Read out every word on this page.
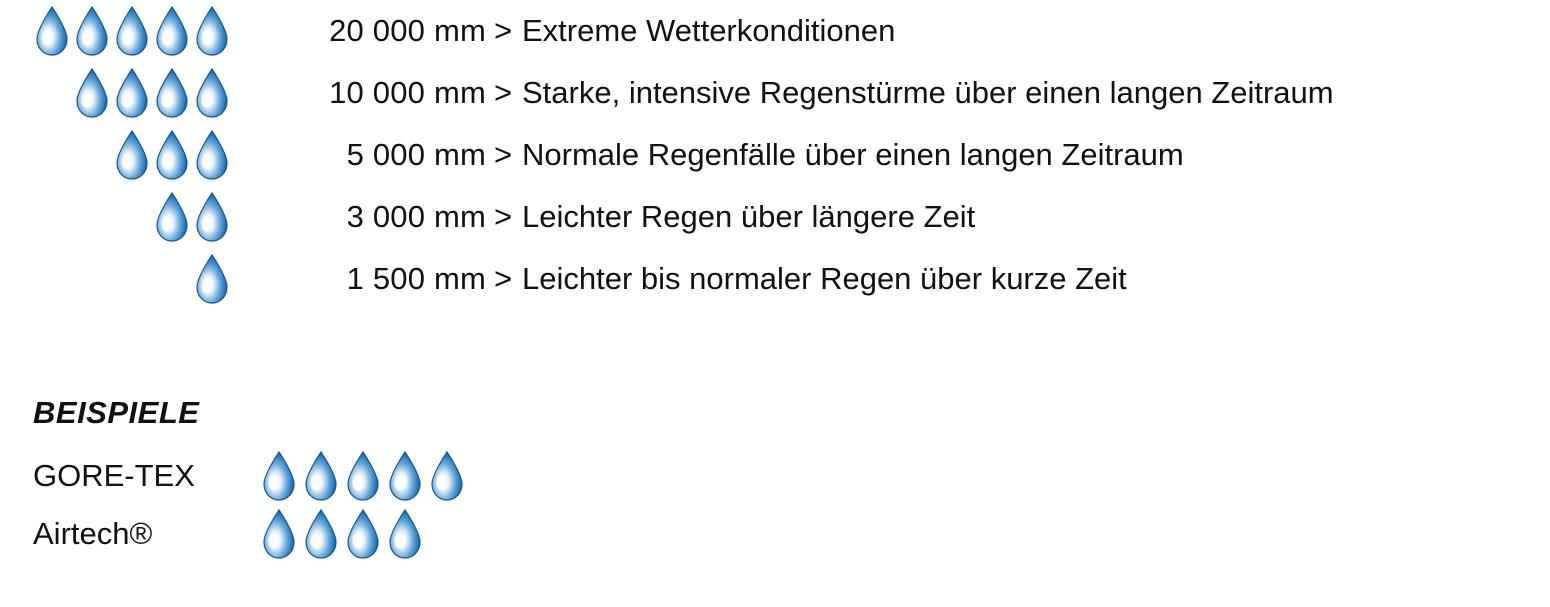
20 000 mm > Extreme Wetterkonditionen
10 000 mm > Starke, intensive Regenstürme über einen langen Zeitraum
5 000 mm > Normale Regenfälle über einen langen Zeitraum
3 000 mm > Leichter Regen über längere Zeit
1 500 mm > Leichter bis normaler Regen über kurze Zeit
BEISPIELE
GORE-TEX
Airtech®
